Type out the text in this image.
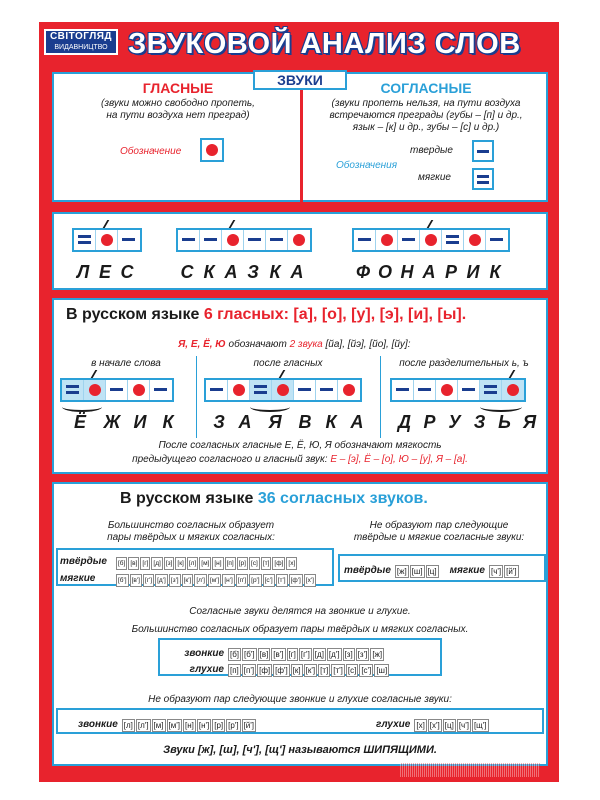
СВІТОГЛЯД
ВИДАВНИЦТВО ЗВУКОВОЙ АНАЛИЗ СЛОВ
ЗВУКИ
ГЛАСНЫЕ
(звуки можно свободно пропеть,
на пути воздуха нет преград)
Обозначение
СОГЛАСНЫЕ
(звуки пропеть нельзя, на пути воздуха
встречаются преграды (губы – [п] и др.,
язык – [к] и др., зубы – [с] и др.)
Обозначения
твердые
мягкие
Л Е С	С К А З К А	Ф О Н А Р И К
В русском языке 6 гласных: [а], [о], [у], [э], [и], [ы].
Я, Е, Ё, Ю обозначают 2 звука [йа], [йэ], [йо], [йу]:
в начале слова	после гласных	после разделительных ь, ъ
Ё Ж И К	З А Я В К А	Д Р У З Ь Я
После согласных гласные Е, Ё, Ю, Я обозначают мягкость
предыдущего согласного и гласный звук: Е – [э], Ё – [о], Ю – [у], Я – [а].
В русском языке 36 согласных звуков.
Большинство согласных образует
пары твёрдых и мягких согласных:
Не образуют пар следующие
твёрдые и мягкие согласные звуки:
твёрдые	[б] [в] [г] [д] [з] [к] [л] [м] [н] [п] [р] [с] [т] [ф] [х]
мягкие	[б'] [в'] [г'] [д'] [з'] [к'] [л'] [м'] [н'] [п'] [р'] [с'] [т'] [ф'] [х']
твёрдые [ж] [ш] [ц]	мягкие [ч'] [й']
Согласные звуки делятся на звонкие и глухие.
Большинство согласных образует пары твёрдых и мягких согласных.
звонкие [б] [б'] [в] [в'] [г] [г'] [д] [д'] [з] [з'] [ж]
глухие [п] [п'] [ф] [ф'] [к] [к'] [т] [т'] [с] [с'] [ш]
Не образуют пар следующие звонкие и глухие согласные звуки:
звонкие [л] [л'] [м] [м'] [н] [н'] [р] [р'] [й']	глухие [х] [х'] [ц] [ч'] [щ']
Звуки [ж], [ш], [ч'], [щ'] называются ШИПЯЩИМИ.
